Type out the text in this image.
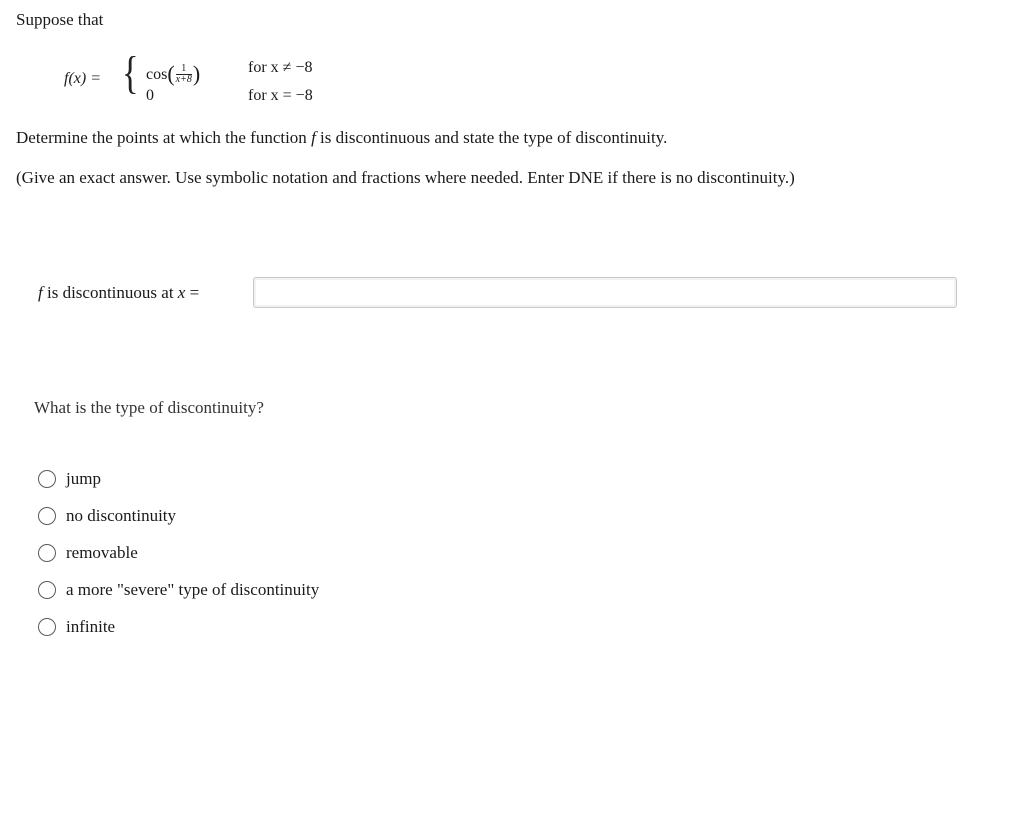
Suppose that
f(x) = { $\cos( \frac{1}{x+8}$ )
0
for x ≠ −8
for x = −8
Determine the points at which the function f is discontinuous and state the type of discontinuity.
(Give an exact answer. Use symbolic notation and fractions where needed. Enter DNE if there is no discontinuity.)
f is discontinuous at x =
What is the type of discontinuity?
jump
no discontinuity
removable
a more "severe" type of discontinuity
infinite
